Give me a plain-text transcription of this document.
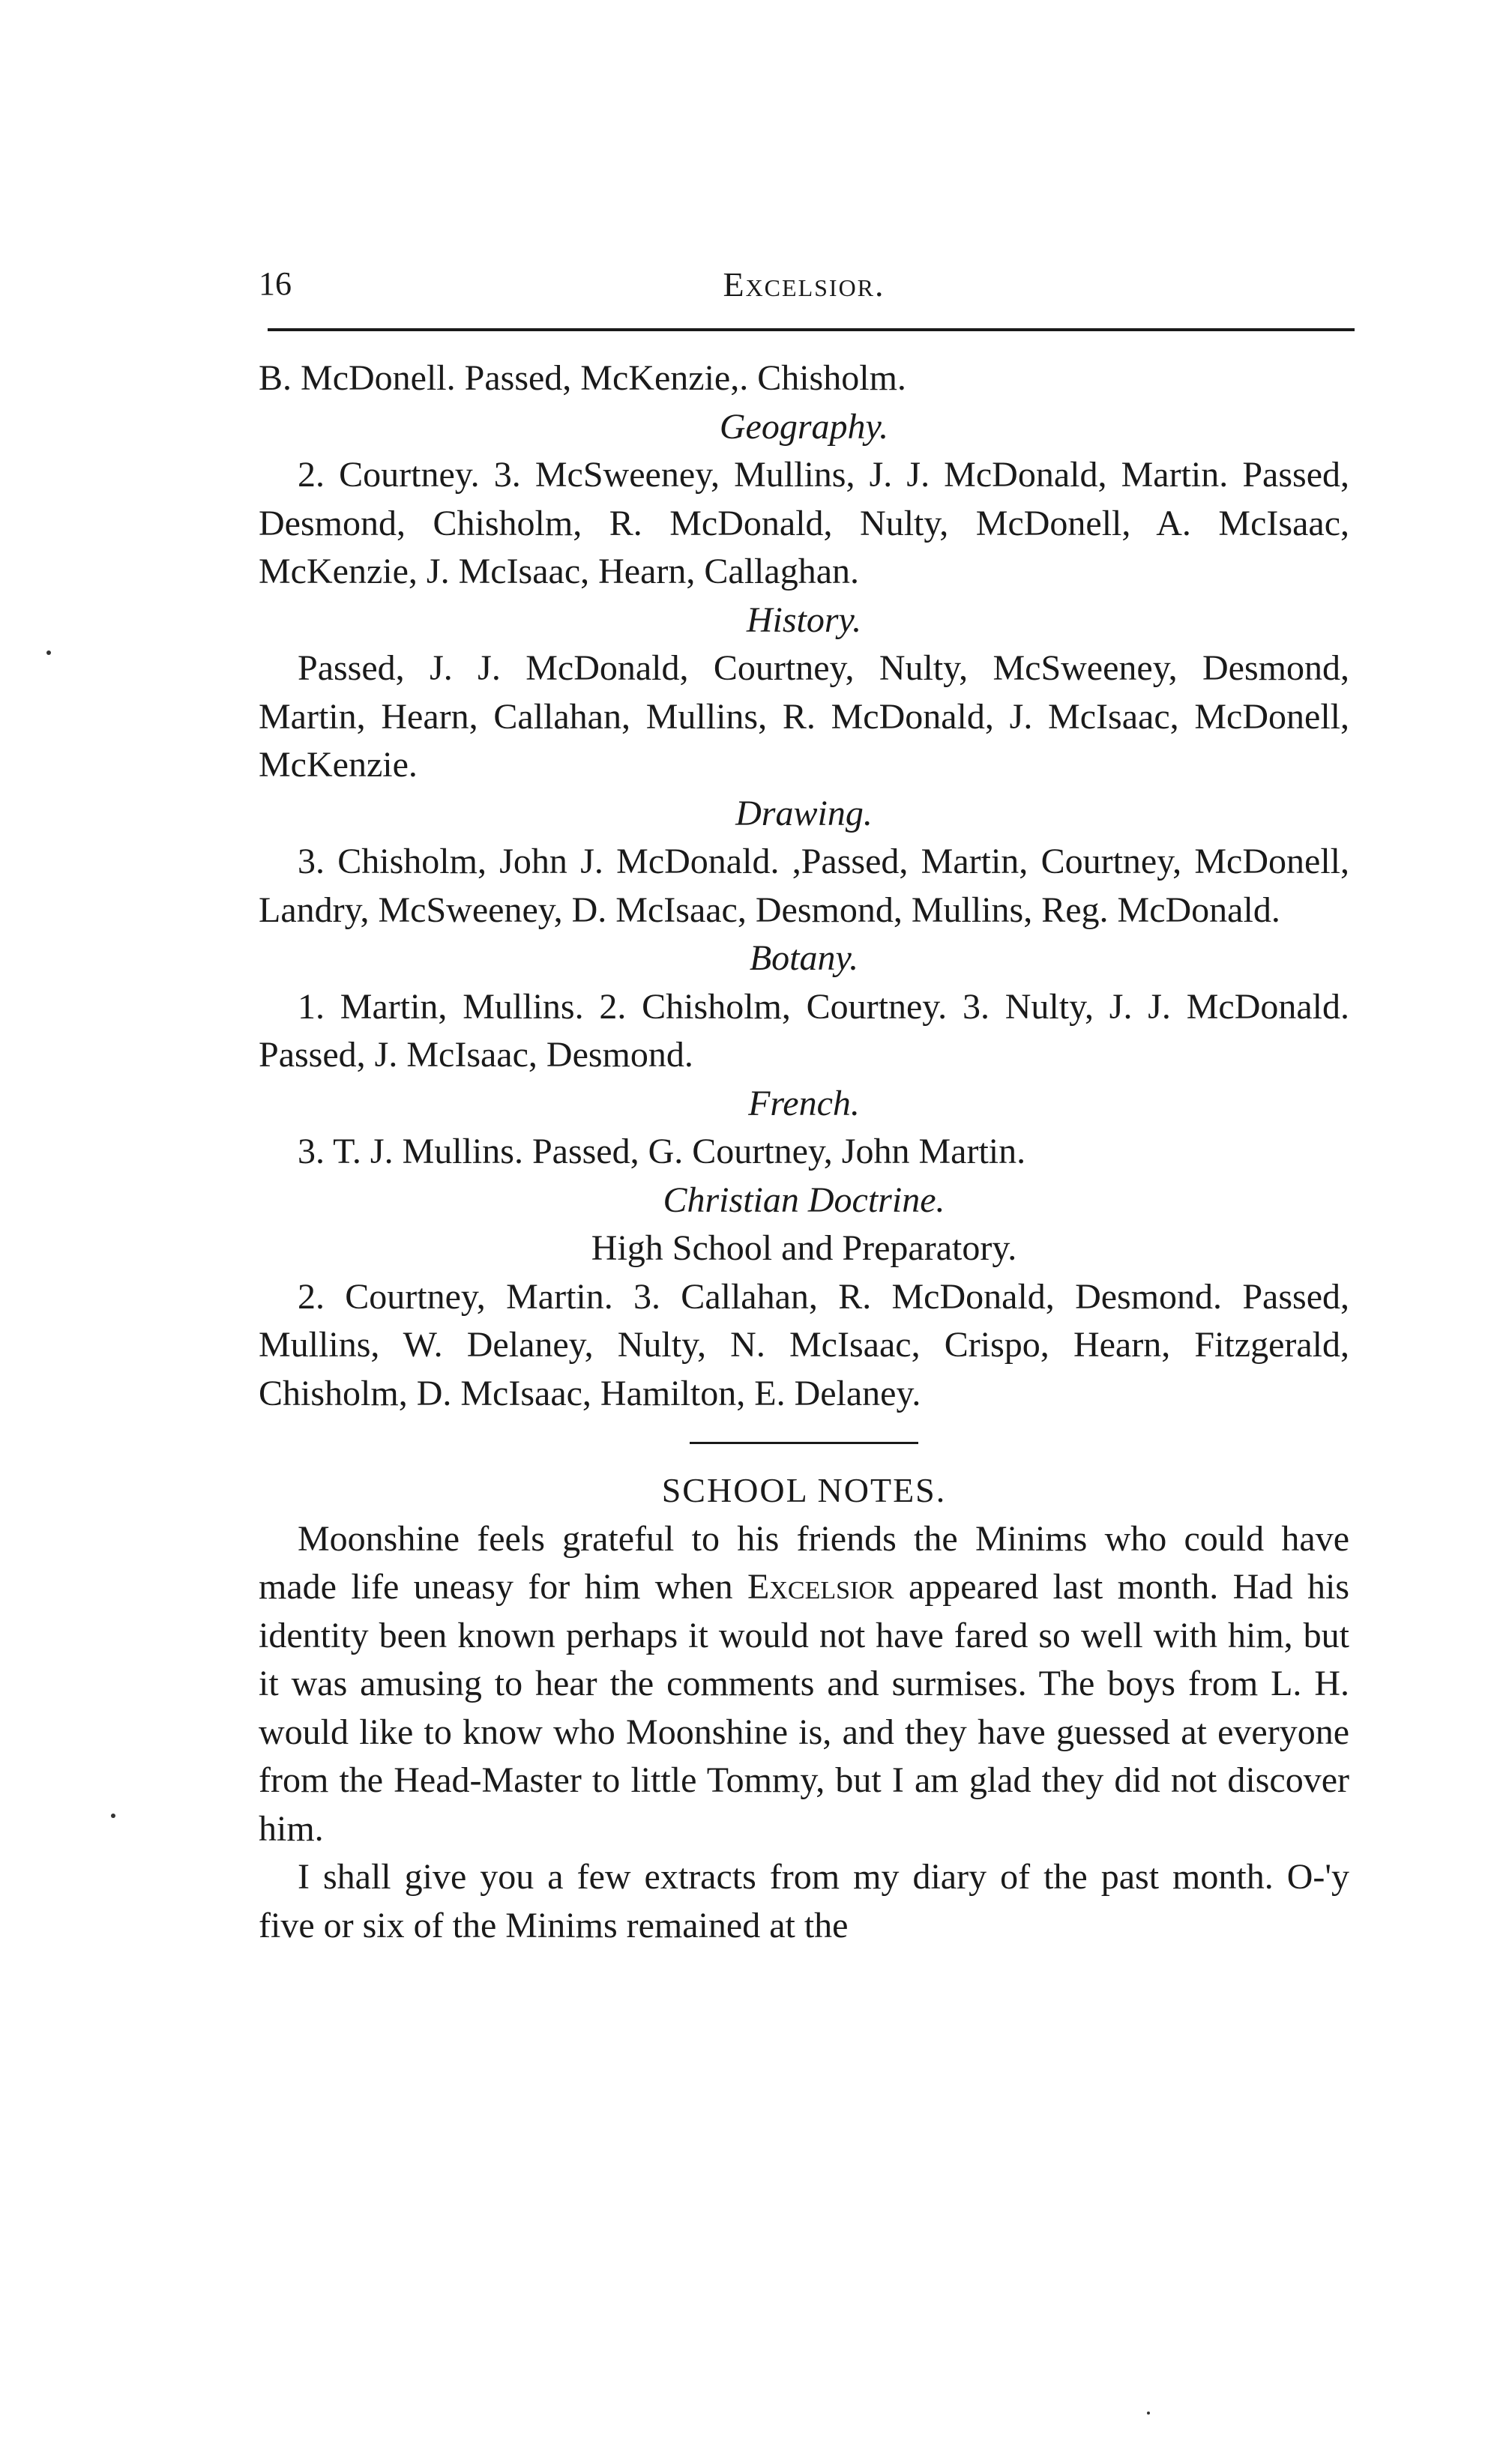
16	Excelsior.

B. McDonell. Passed, McKenzie,. Chisholm.

Geography.

2. Courtney. 3. McSweeney, Mullins, J. J. McDonald, Martin. Passed, Desmond, Chisholm, R. McDonald, Nulty, McDonell, A. McIsaac, McKenzie, J. McIsaac, Hearn, Callaghan.

History.

Passed, J. J. McDonald, Courtney, Nulty, McSweeney, Desmond, Martin, Hearn, Callahan, Mullins, R. McDonald, J. McIsaac, McDonell, McKenzie.

Drawing.

3. Chisholm, John J. McDonald. ,Passed, Martin, Courtney, McDonell, Landry, McSweeney, D. McIsaac, Desmond, Mullins, Reg. McDonald.

Botany.

1. Martin, Mullins. 2. Chisholm, Courtney. 3. Nulty, J. J. McDonald. Passed, J. McIsaac, Desmond.

French.

3. T. J. Mullins. Passed, G. Courtney, John Martin.

Christian Doctrine.

High School and Preparatory.

2. Courtney, Martin. 3. Callahan, R. McDonald, Desmond. Passed, Mullins, W. Delaney, Nulty, N. McIsaac, Crispo, Hearn, Fitzgerald, Chisholm, D. McIsaac, Hamilton, E. Delaney.

SCHOOL NOTES.

Moonshine feels grateful to his friends the Minims who could have made life uneasy for him when Excelsior appeared last month. Had his identity been known perhaps it would not have fared so well with him, but it was amusing to hear the comments and surmises. The boys from L. H. would like to know who Moonshine is, and they have guessed at everyone from the Head-Master to little Tommy, but I am glad they did not discover him.

I shall give you a few extracts from my diary of the past month. O-'y five or six of the Minims remained at the
